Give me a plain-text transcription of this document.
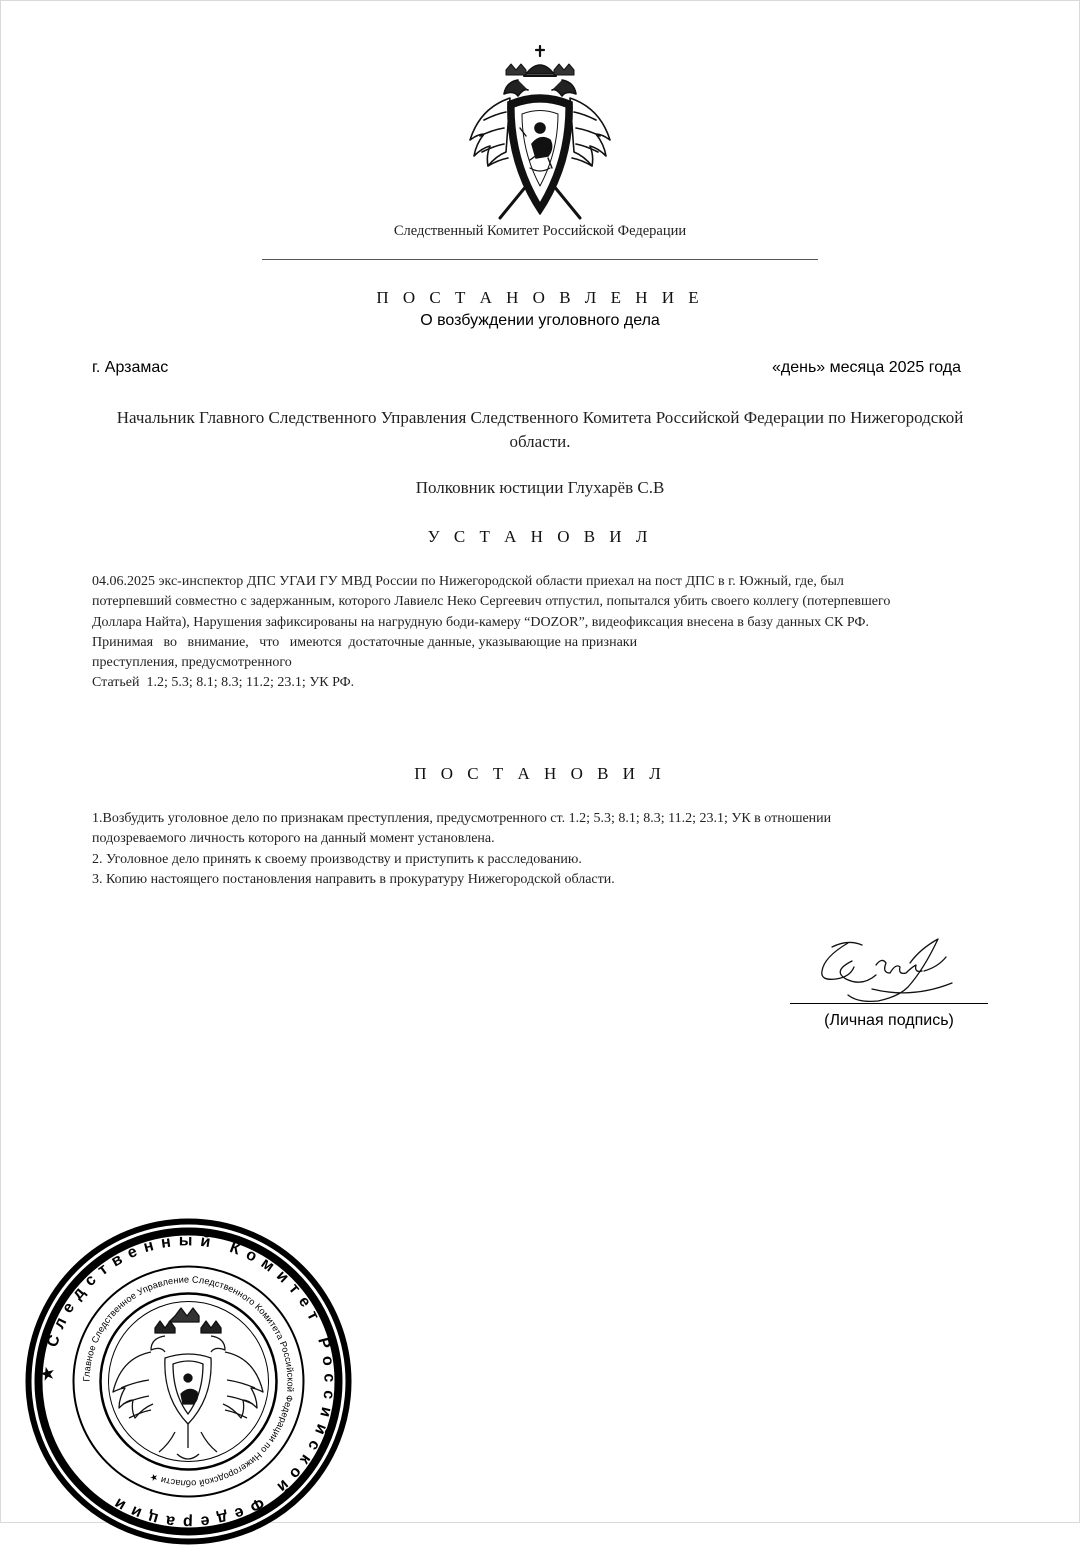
Следственный Комитет Российской Федерации
П О С Т А Н О В Л Е Н И Е
О возбуждении уголовного дела
г. Арзамас	«день» месяца 2025 года
Начальник Главного Следственного Управления Следственного Комитета Российской Федерации по Нижегородской области.
Полковник юстиции Глухарёв С.В
У С Т А Н О В И Л

04.06.2025 экс-инспектор ДПС УГАИ ГУ МВД России по Нижегородской области приехал на пост ДПС в г. Южный, где, был

потерпевший совместно с задержанным, которого Лавиелс Неко Сергеевич отпустил, попытался убить своего коллегу (потерпевшего

Доллара Найта), Нарушения зафиксированы на нагрудную боди-камеру “DOZOR”, видеофиксация внесена в базу данных СК РФ.

Принимая   во   внимание,   что   имеются  достаточные данные, указывающие на признаки

преступления, предусмотренного

Статьей  1.2; 5.3; 8.1; 8.3; 11.2; 23.1; УК РФ.

П О С Т А Н О В И Л

1.Возбудить уголовное дело по признакам преступления, предусмотренного ст. 1.2; 5.3; 8.1; 8.3; 11.2; 23.1; УК в отношении

подозреваемого личность которого на данный момент установлена.

2. Уголовное дело принять к своему производству и приступить к расследованию.

3. Копию настоящего постановления направить в прокуратуру Нижегородской области.

(Личная подпись)
★ Следственный Комитет Российской Федерации
Главное Следственное Управление Следственного Комитета Российской Федерации по Нижегородской области ★
